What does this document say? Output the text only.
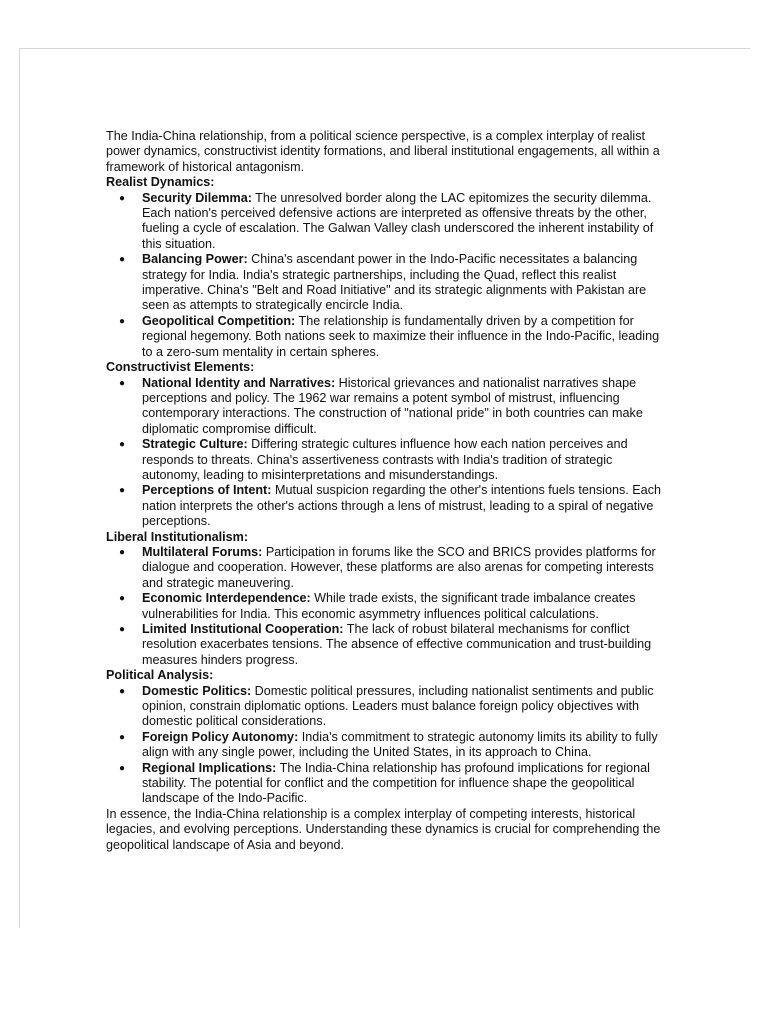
The India-China relationship, from a political science perspective, is a complex interplay of realist power dynamics, constructivist identity formations, and liberal institutional engagements, all within a framework of historical antagonism.

Realist Dynamics:
● Security Dilemma: The unresolved border along the LAC epitomizes the security dilemma. Each nation's perceived defensive actions are interpreted as offensive threats by the other, fueling a cycle of escalation. The Galwan Valley clash underscored the inherent instability of this situation.
● Balancing Power: China's ascendant power in the Indo-Pacific necessitates a balancing strategy for India. India's strategic partnerships, including the Quad, reflect this realist imperative. China's "Belt and Road Initiative" and its strategic alignments with Pakistan are seen as attempts to strategically encircle India.
● Geopolitical Competition: The relationship is fundamentally driven by a competition for regional hegemony. Both nations seek to maximize their influence in the Indo-Pacific, leading to a zero-sum mentality in certain spheres.
Constructivist Elements:
● National Identity and Narratives: Historical grievances and nationalist narratives shape perceptions and policy. The 1962 war remains a potent symbol of mistrust, influencing contemporary interactions. The construction of "national pride" in both countries can make diplomatic compromise difficult.
● Strategic Culture: Differing strategic cultures influence how each nation perceives and responds to threats. China's assertiveness contrasts with India's tradition of strategic autonomy, leading to misinterpretations and misunderstandings.
● Perceptions of Intent: Mutual suspicion regarding the other's intentions fuels tensions. Each nation interprets the other's actions through a lens of mistrust, leading to a spiral of negative perceptions.
Liberal Institutionalism:
● Multilateral Forums: Participation in forums like the SCO and BRICS provides platforms for dialogue and cooperation. However, these platforms are also arenas for competing interests and strategic maneuvering.
● Economic Interdependence: While trade exists, the significant trade imbalance creates vulnerabilities for India. This economic asymmetry influences political calculations.
● Limited Institutional Cooperation: The lack of robust bilateral mechanisms for conflict resolution exacerbates tensions. The absence of effective communication and trust-building measures hinders progress.
Political Analysis:
● Domestic Politics: Domestic political pressures, including nationalist sentiments and public opinion, constrain diplomatic options. Leaders must balance foreign policy objectives with domestic political considerations.
● Foreign Policy Autonomy: India's commitment to strategic autonomy limits its ability to fully align with any single power, including the United States, in its approach to China.
● Regional Implications: The India-China relationship has profound implications for regional stability. The potential for conflict and the competition for influence shape the geopolitical landscape of the Indo-Pacific.

In essence, the India-China relationship is a complex interplay of competing interests, historical legacies, and evolving perceptions. Understanding these dynamics is crucial for comprehending the geopolitical landscape of Asia and beyond.
